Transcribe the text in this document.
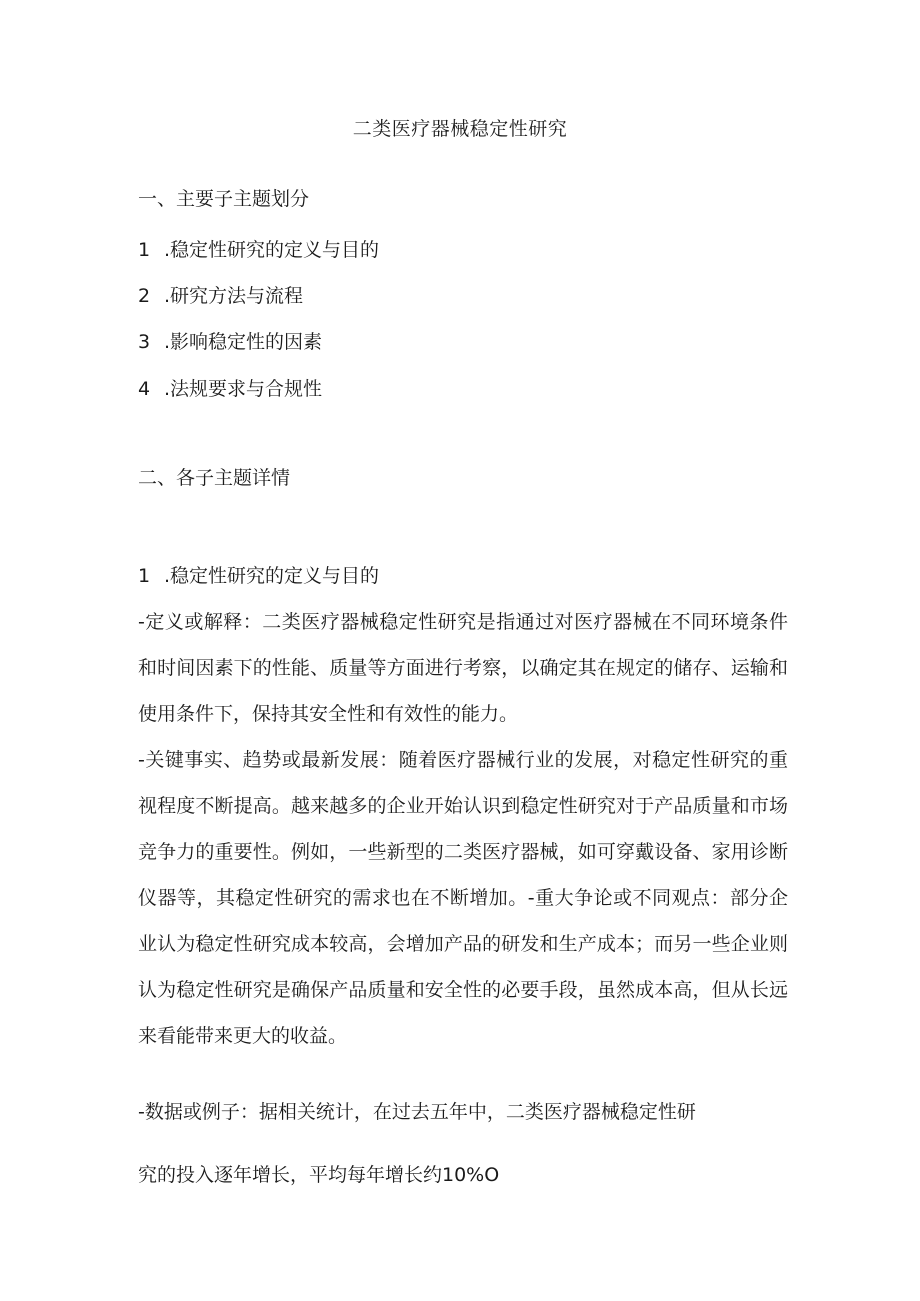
二类医疗器械稳定性研究
一、主要子主题划分
1 .稳定性研究的定义与目的
2 .研究方法与流程
3 .影响稳定性的因素
4 .法规要求与合规性
二、各子主题详情
1 .稳定性研究的定义与目的
-定义或解释：二类医疗器械稳定性研究是指通过对医疗器械在不同环境条件和时间因素下的性能、质量等方面进行考察，以确定其在规定的储存、运输和使用条件下，保持其安全性和有效性的能力。
-关键事实、趋势或最新发展：随着医疗器械行业的发展，对稳定性研究的重视程度不断提高。越来越多的企业开始认识到稳定性研究对于产品质量和市场竞争力的重要性。例如，一些新型的二类医疗器械，如可穿戴设备、家用诊断仪器等，其稳定性研究的需求也在不断增加。-重大争论或不同观点：部分企业认为稳定性研究成本较高，会增加产品的研发和生产成本；而另一些企业则认为稳定性研究是确保产品质量和安全性的必要手段，虽然成本高，但从长远来看能带来更大的收益。
-数据或例子：据相关统计，在过去五年中，二类医疗器械稳定性研
究的投入逐年增长，平均每年增长约10%O
